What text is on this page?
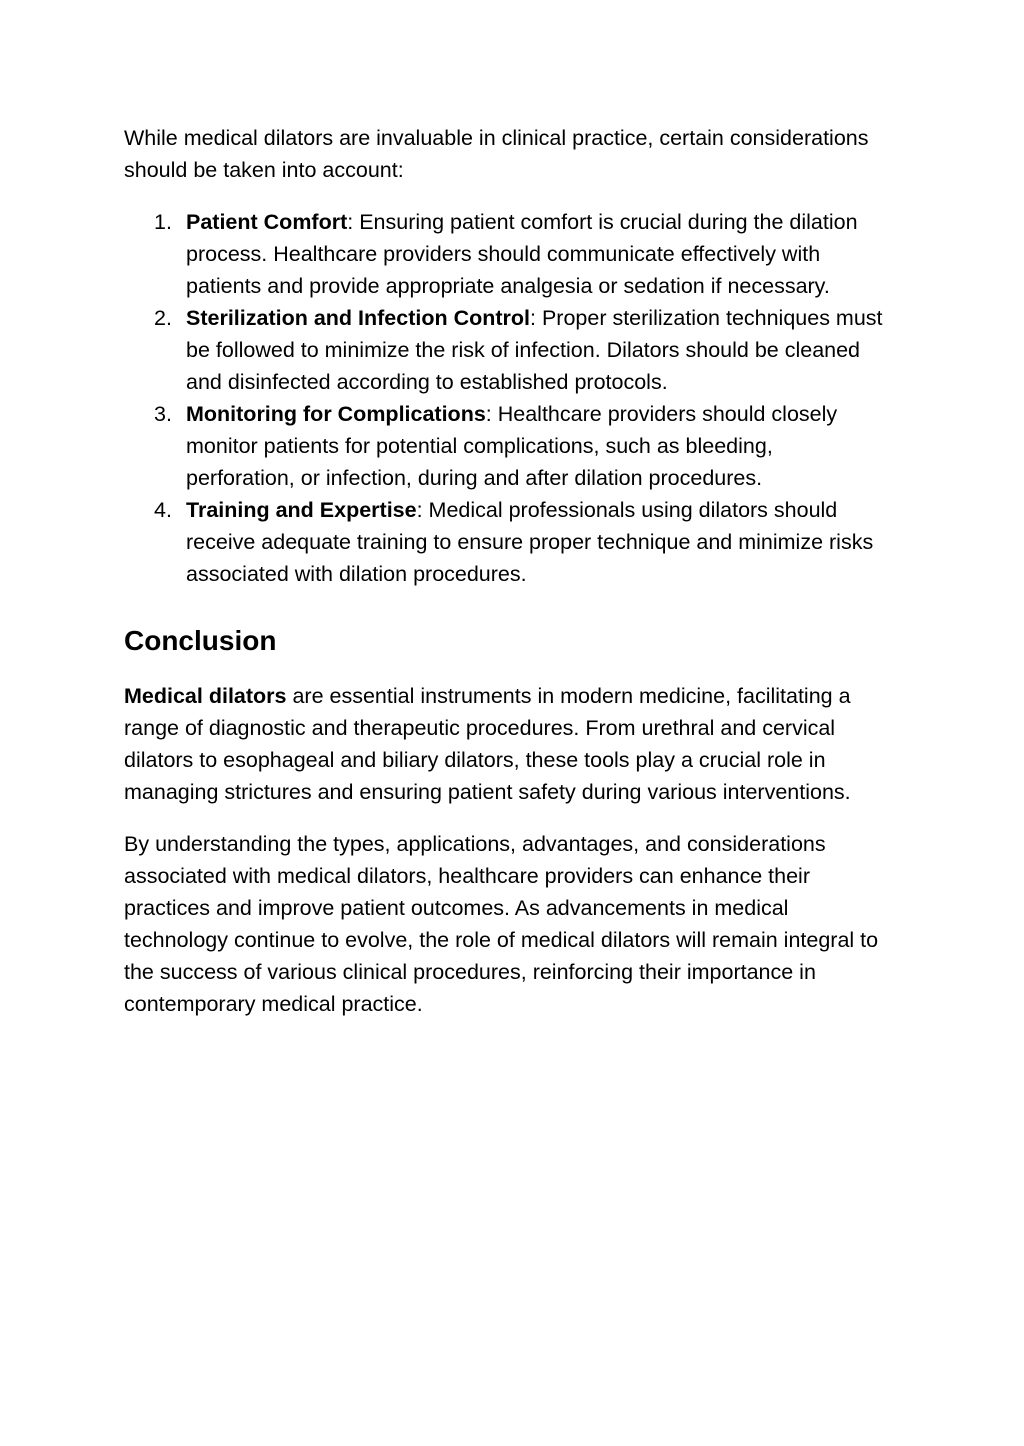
While medical dilators are invaluable in clinical practice, certain considerations should be taken into account:

1. Patient Comfort: Ensuring patient comfort is crucial during the dilation process. Healthcare providers should communicate effectively with patients and provide appropriate analgesia or sedation if necessary.
2. Sterilization and Infection Control: Proper sterilization techniques must be followed to minimize the risk of infection. Dilators should be cleaned and disinfected according to established protocols.
3. Monitoring for Complications: Healthcare providers should closely monitor patients for potential complications, such as bleeding, perforation, or infection, during and after dilation procedures.
4. Training and Expertise: Medical professionals using dilators should receive adequate training to ensure proper technique and minimize risks associated with dilation procedures.
Conclusion

Medical dilators are essential instruments in modern medicine, facilitating a range of diagnostic and therapeutic procedures. From urethral and cervical dilators to esophageal and biliary dilators, these tools play a crucial role in managing strictures and ensuring patient safety during various interventions.

By understanding the types, applications, advantages, and considerations associated with medical dilators, healthcare providers can enhance their practices and improve patient outcomes. As advancements in medical technology continue to evolve, the role of medical dilators will remain integral to the success of various clinical procedures, reinforcing their importance in contemporary medical practice.
